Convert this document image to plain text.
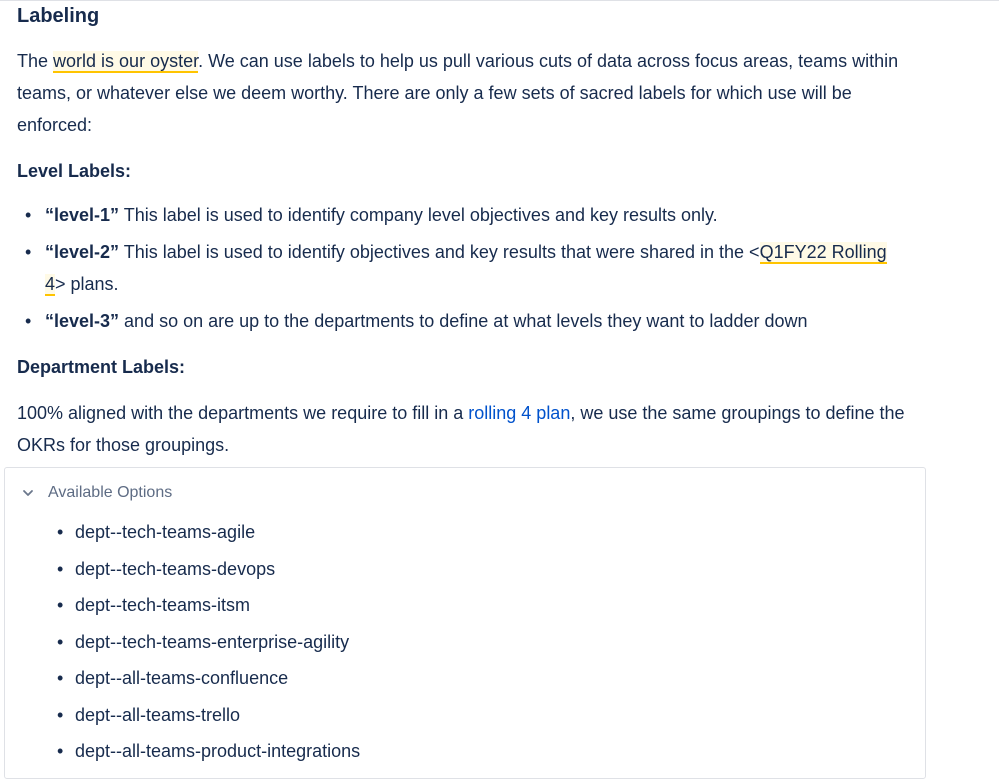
Labeling

The world is our oyster. We can use labels to help us pull various cuts of data across focus areas, teams within teams, or whatever else we deem worthy. There are only a few sets of sacred labels for which use will be enforced:

Level Labels:
• “level-1” This label is used to identify company level objectives and key results only.
• “level-2” This label is used to identify objectives and key results that were shared in the <Q1FY22 Rolling 4> plans.
• “level-3” and so on are up to the departments to define at what levels they want to ladder down
Department Labels:

100% aligned with the departments we require to fill in a rolling 4 plan, we use the same groupings to define the OKRs for those groupings.

Available Options
• dept--tech-teams-agile
• dept--tech-teams-devops
• dept--tech-teams-itsm
• dept--tech-teams-enterprise-agility
• dept--all-teams-confluence
• dept--all-teams-trello
• dept--all-teams-product-integrations
